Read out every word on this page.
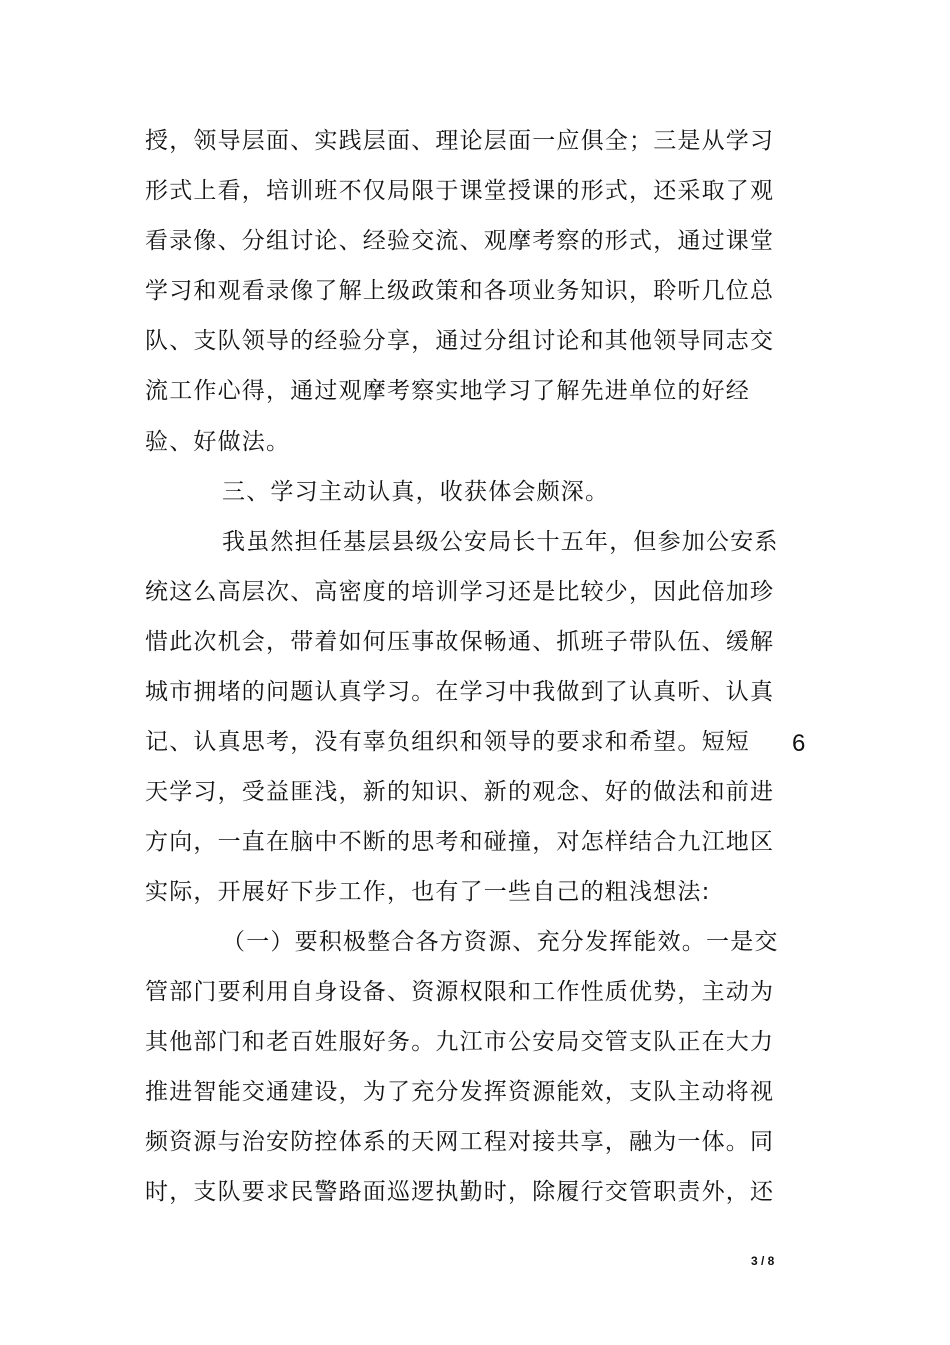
授，领导层面、实践层面、理论层面一应俱全；三是从学习
形式上看，培训班不仅局限于课堂授课的形式，还采取了观
看录像、分组讨论、经验交流、观摩考察的形式，通过课堂
学习和观看录像了解上级政策和各项业务知识，聆听几位总
队、支队领导的经验分享，通过分组讨论和其他领导同志交
流工作心得，通过观摩考察实地学习了解先进单位的好经
验、好做法。
三、学习主动认真，收获体会颇深。
我虽然担任基层县级公安局长十五年，但参加公安系
统这么高层次、高密度的培训学习还是比较少，因此倍加珍
惜此次机会，带着如何压事故保畅通、抓班子带队伍、缓解
城市拥堵的问题认真学习。在学习中我做到了认真听、认真
记、认真思考，没有辜负组织和领导的要求和希望。短短
天学习，受益匪浅，新的知识、新的观念、好的做法和前进
方向，一直在脑中不断的思考和碰撞，对怎样结合九江地区
实际，开展好下步工作，也有了一些自己的粗浅想法:
（一）要积极整合各方资源、充分发挥能效。一是交
管部门要利用自身设备、资源权限和工作性质优势，主动为
其他部门和老百姓服好务。九江市公安局交管支队正在大力
推进智能交通建设，为了充分发挥资源能效，支队主动将视
频资源与治安防控体系的天网工程对接共享，融为一体。同
时，支队要求民警路面巡逻执勤时，除履行交管职责外，还
6
3 / 8
